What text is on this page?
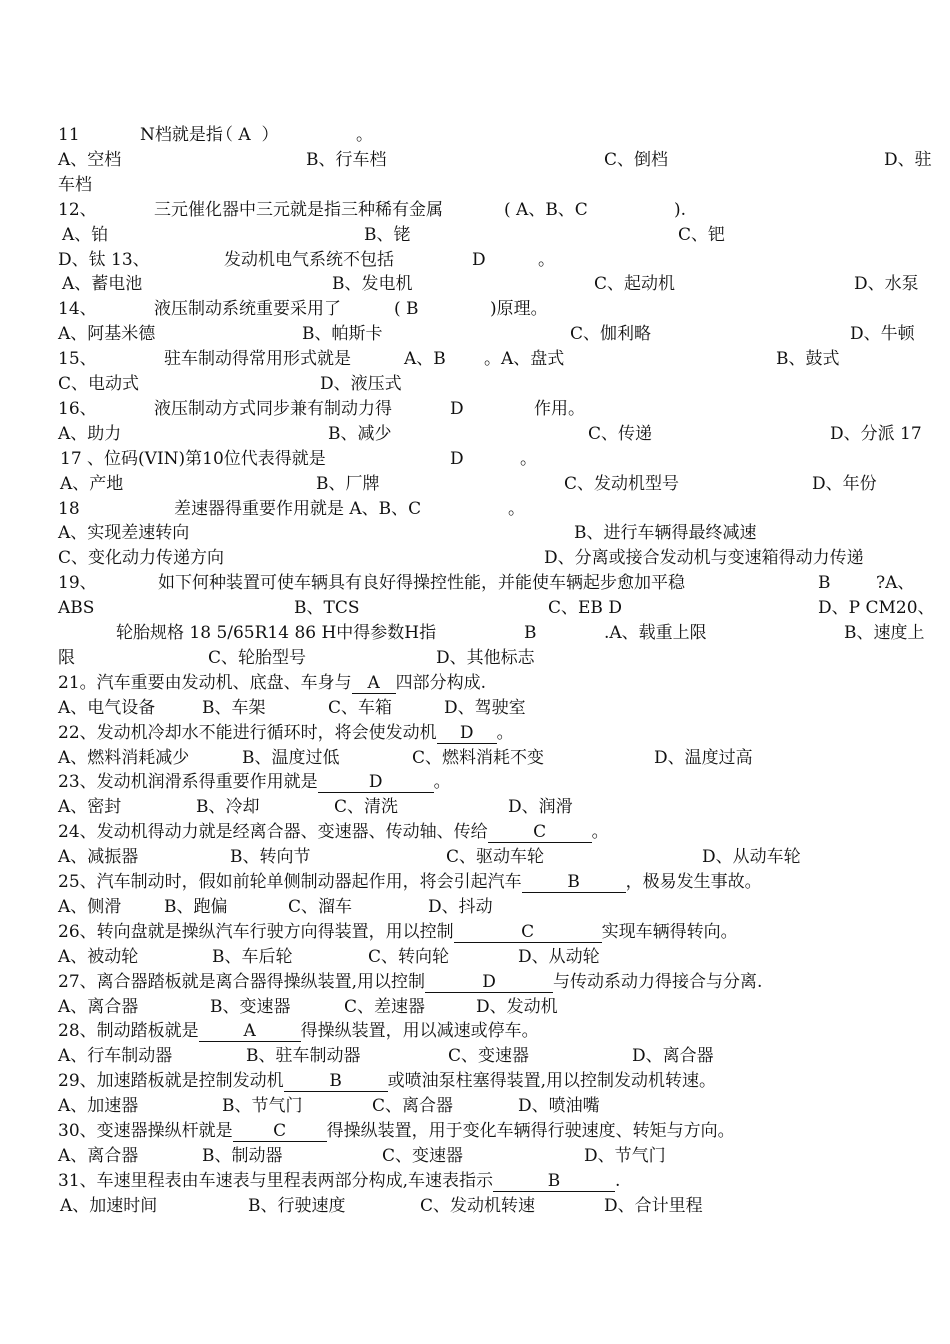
11	N档就是指
（ A  ）	。
A、空档	B、行车档	C、倒档	D、驻
车档
12、	三元催化器中三元就是指三种稀有金属	( A、B、C	).
A、铂	B、铑	C、钯
D、钛 13、	发动机电气系统不包括	D	。
A、蓄电池	B、发电机	C、起动机	D、水泵
14、	液压制动系统重要采用了	( B	)原理。
A、阿基米德	B、帕斯卡	C、伽利略	D、牛顿
15、	驻车制动得常用形式就是	A、B 。A、盘式	B、鼓式
C、电动式	D、液压式
16、	液压制动方式同步兼有制动力得	D	作用。
A、助力	B、减少	C、传递	D、分派 17
17 、位码(VIN)第10位代表得就是	D	。
A、产地	B、厂牌	C、发动机型号	D、年份
18	差速器得重要作用就是 A、B、C	。
A、实现差速转向	B、进行车辆得最终减速
C、变化动力传递方向	D、分离或接合发动机与变速箱得动力传递
19、	如下何种装置可使车辆具有良好得操控性能，并能使车辆起步愈加平稳	B	?A、
ABS	B、TCS	C、EB D	D、P CM20、
轮胎规格 18 5/65R14 86 H中得参数H指	B	.A、载重上限	B、速度上
限	C、轮胎型号	D、其他标志
21。汽车重要由发动机、底盘、车身与 A 四部分构成.
A、电气设备	B、车架	C、车箱	D、驾驶室
22、发动机冷却水不能进行循环时，将会使发动机 D 。
A、燃料消耗减少	B、温度过低	C、燃料消耗不变	D、温度过高
23、发动机润滑系得重要作用就是	D	。
A、密封	B、冷却	C、清洗	D、润滑
24、发动机得动力就是经离合器、变速器、传动轴、传给	C	。
A、减振器	B、转向节	C、驱动车轮	D、从动车轮
25、汽车制动时，假如前轮单侧制动器起作用，将会引起汽车	B	，极易发生事故。
A、侧滑	B、跑偏	C、溜车	D、抖动
26、转向盘就是操纵汽车行驶方向得装置，用以控制	C	实现车辆得转向。
A、被动轮	B、车后轮	C、转向轮	D、从动轮
27、离合器踏板就是离合器得操纵装置,用以控制	D	与传动系动力得接合与分离.
A、离合器	B、变速器	C、差速器	D、发动机
28、制动踏板就是	A	得操纵装置，用以减速或停车。
A、行车制动器	B、驻车制动器	C、变速器	D、离合器
29、加速踏板就是控制发动机	B	或喷油泵柱塞得装置,用以控制发动机转速。
A、加速器	B、节气门	C、离合器	D、喷油嘴
30、变速器操纵杆就是 C 得操纵装置，用于变化车辆得行驶速度、转矩与方向。
A、离合器	B、制动器	C、变速器	D、节气门
31、车速里程表由车速表与里程表两部分构成,车速表指示	B	.
A、加速时间	B、行驶速度	C、发动机转速	D、合计里程
